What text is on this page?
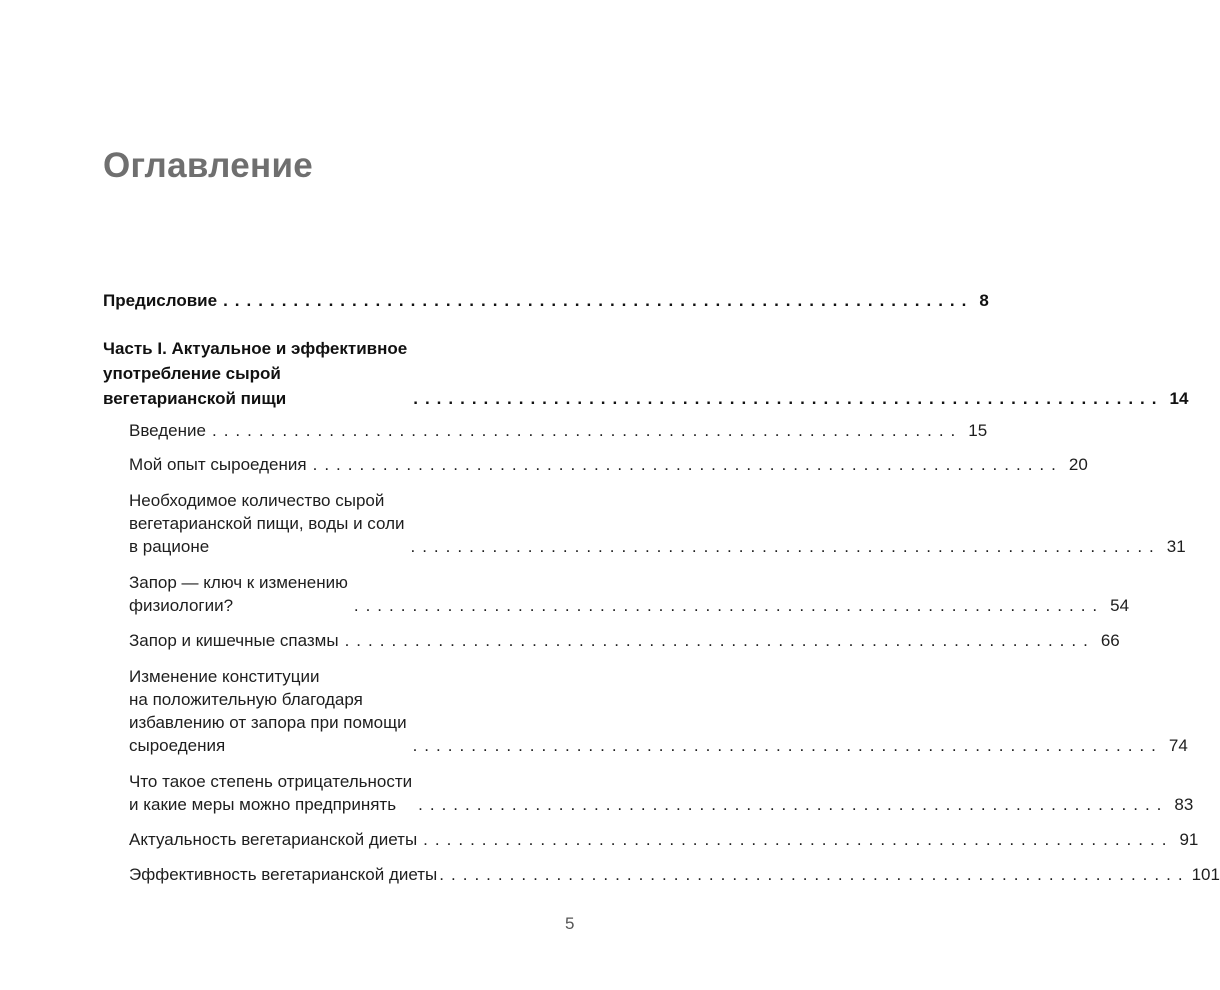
Оглавление
Предисловие ................................................................ 8
Часть I. Актуальное и эффективное
употребление сырой
вегетарианской пищи	................................................................ 14
Введение ................................................................ 15
Мой опыт сыроедения ................................................................ 20
Необходимое количество сырой
вегетарианской пищи, воды и соли
в рационе	................................................................ 31
Запор — ключ к изменению
физиологии?	................................................................ 54
Запор и кишечные спазмы ................................................................ 66
Изменение конституции
на положительную благодаря
избавлению от запора при помощи
сыроедения	................................................................ 74
Что такое степень отрицательности
и какие меры можно предпринять	................................................................ 83
Актуальность вегетарианской диеты ................................................................ 91
Эффективность вегетарианской диеты ................................................................ 101
5
